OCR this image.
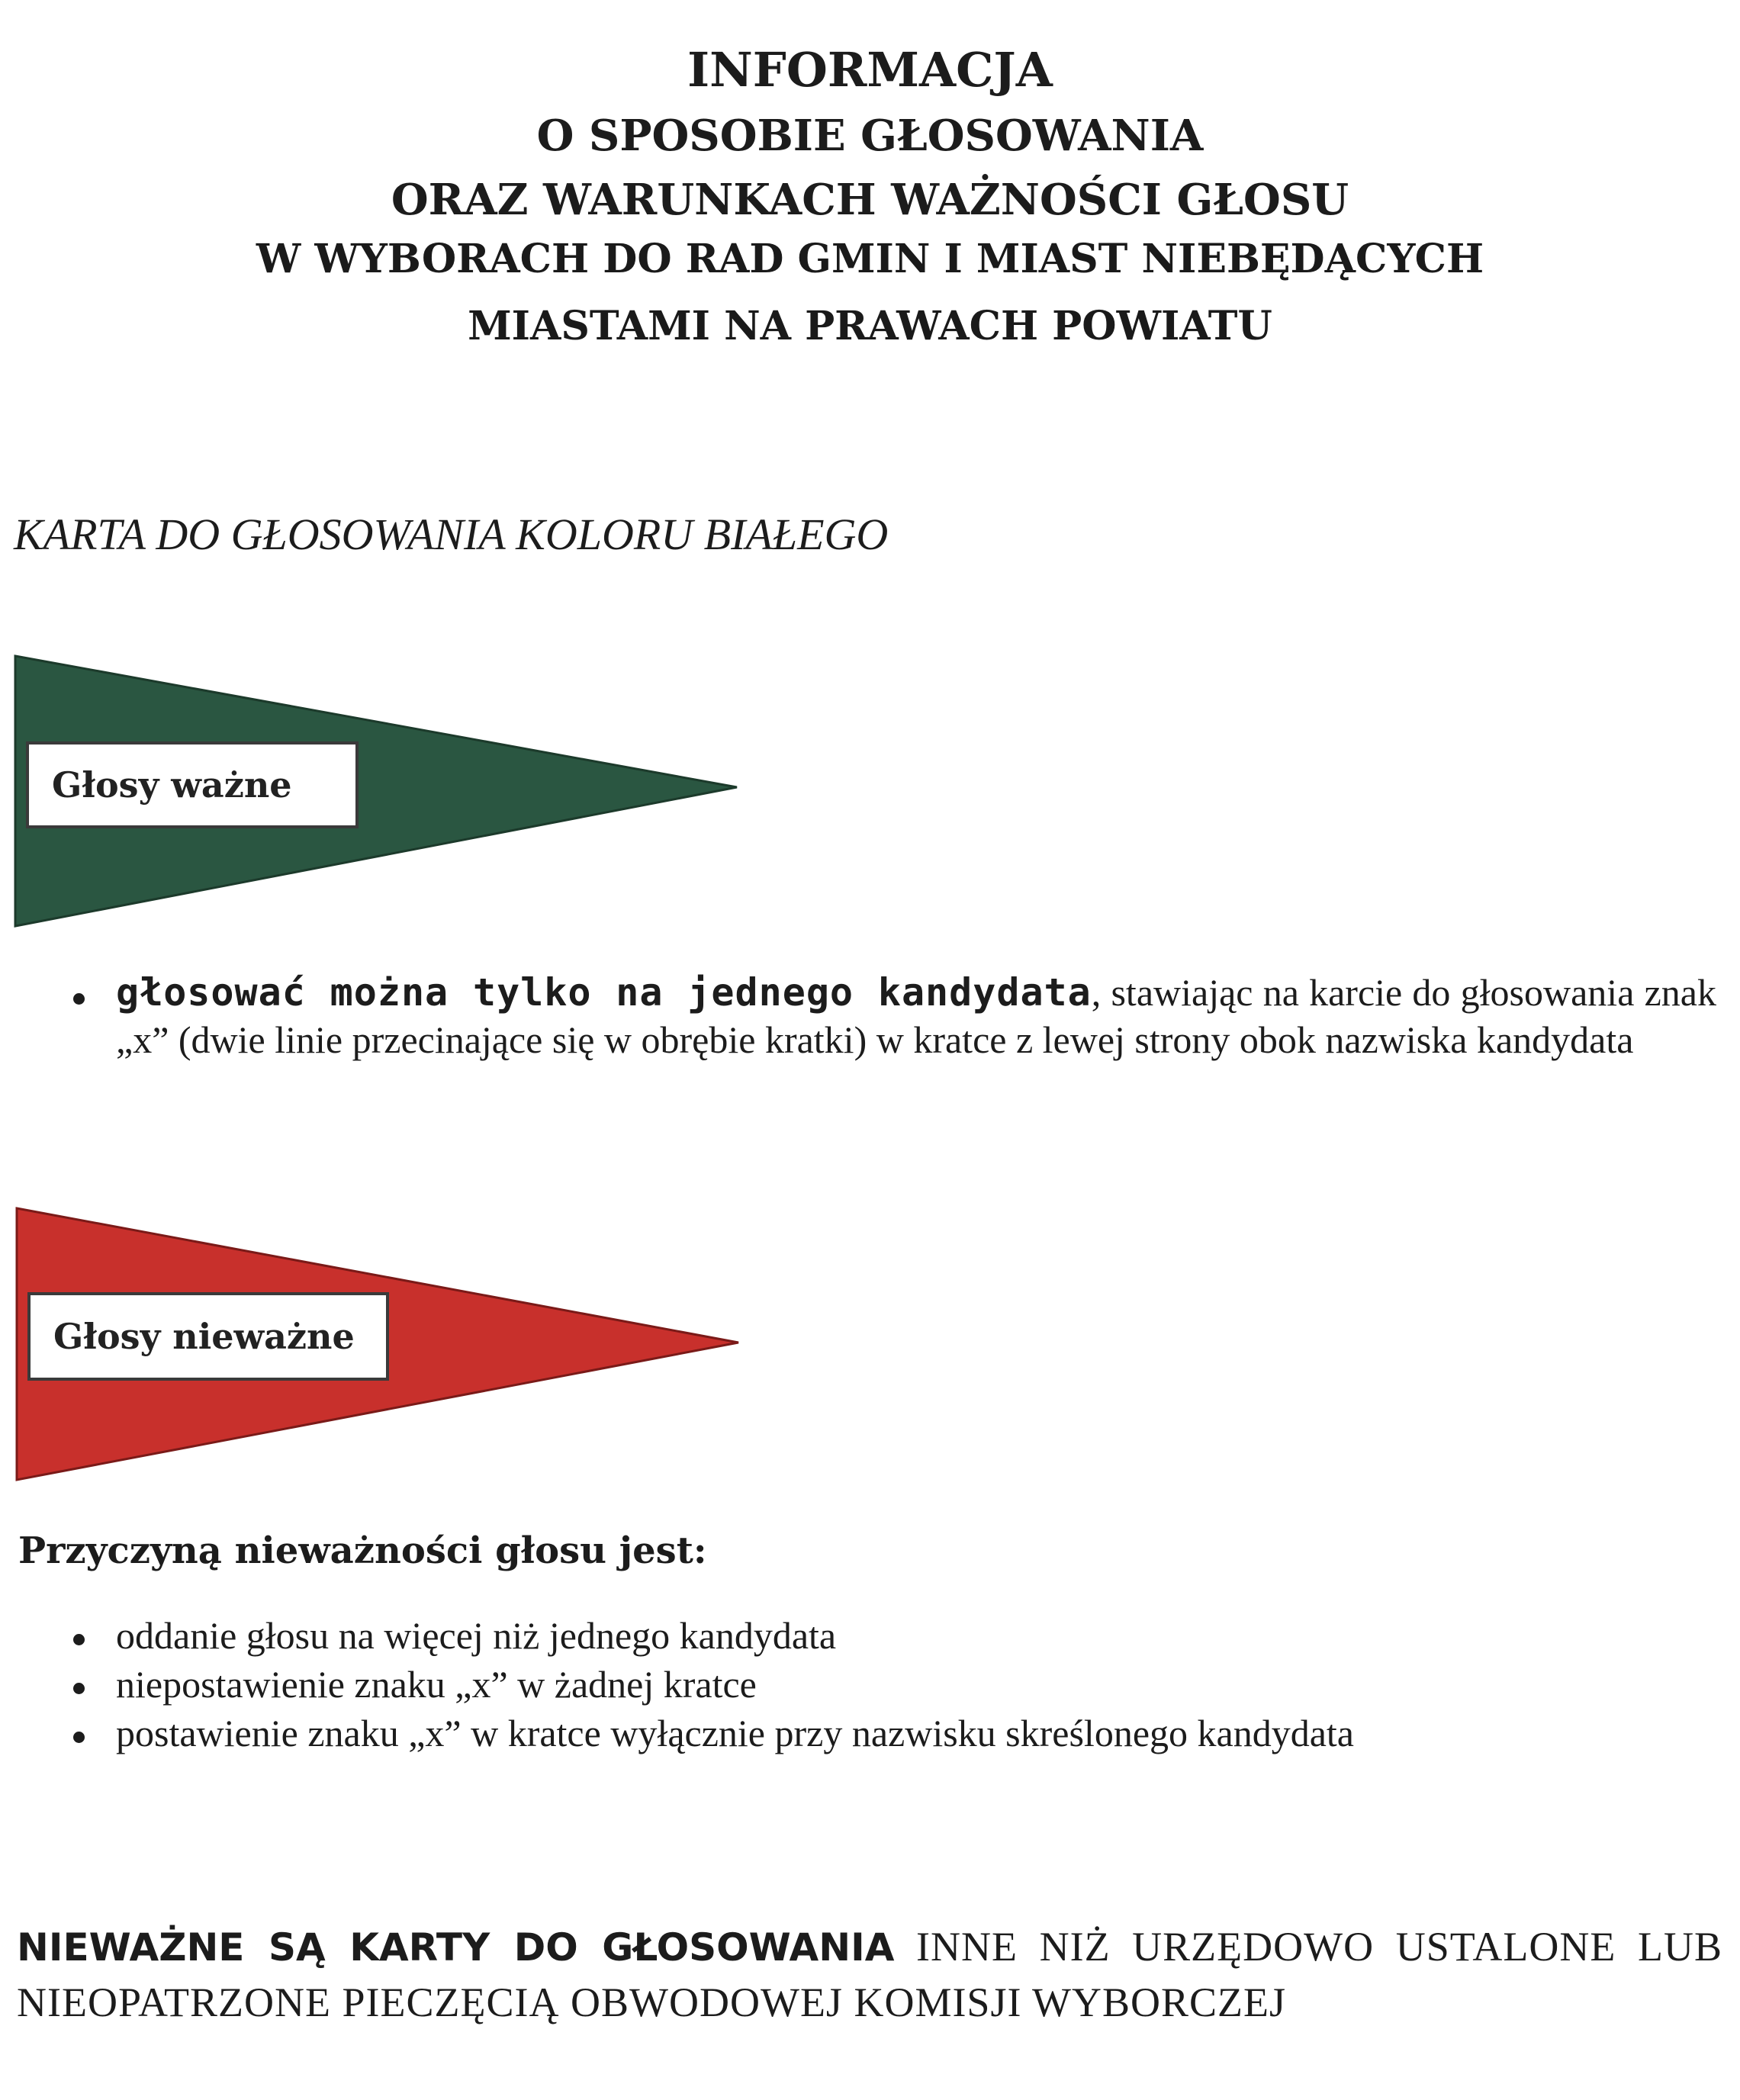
INFORMACJA
O SPOSOBIE GŁOSOWANIA
ORAZ WARUNKACH WAŻNOŚCI GŁOSU
W WYBORACH DO RAD GMIN I MIAST NIEBĘDĄCYCH
MIASTAMI NA PRAWACH POWIATU
KARTA DO GŁOSOWANIA KOLORU BIAŁEGO
Głosy ważne
głosować można tylko na jednego kandydata, stawiając na karcie do głosowania znak „x” (dwie linie przecinające się w obrębie kratki) w kratce z lewej strony obok nazwiska kandydata
Głosy nieważne
Przyczyną nieważności głosu jest:
oddanie głosu na więcej niż jednego kandydata
niepostawienie znaku „x” w żadnej kratce
postawienie znaku „x” w kratce wyłącznie przy nazwisku skreślonego kandydata
NIEWAŻNE SĄ KARTY DO GŁOSOWANIA INNE NIŻ URZĘDOWO USTALONE LUB NIEOPATRZONE PIECZĘCIĄ OBWODOWEJ KOMISJI WYBORCZEJ
